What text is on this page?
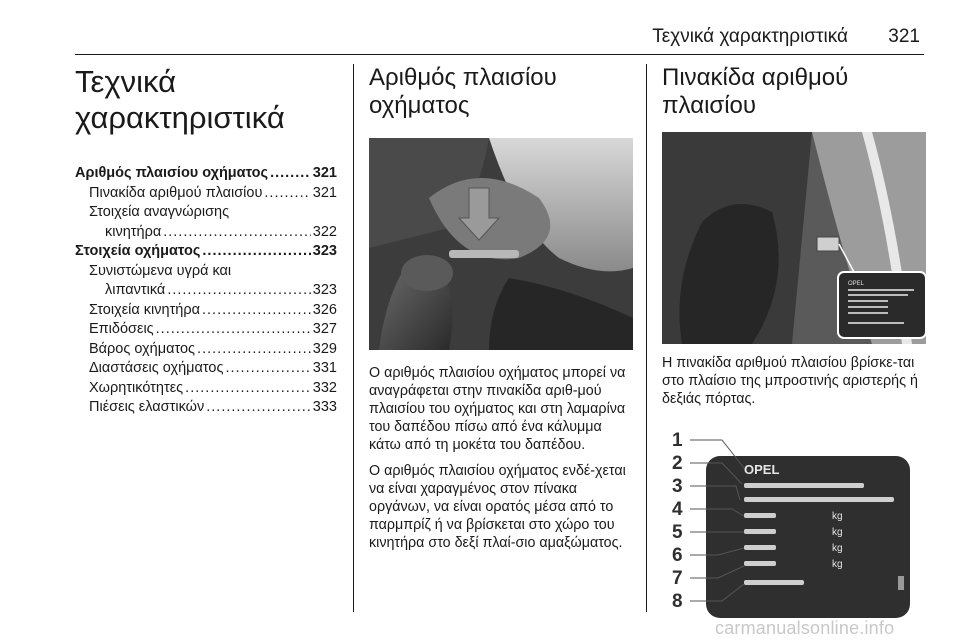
Τεχνικά χαρακτηριστικά 321
Τεχνικά
χαρακτηριστικά
Αριθμός πλαισίου οχήματος .....	321
Πινακίδα αριθμού πλαισίου .....	321
Στοιχεία αναγνώρισης
κινητήρα .....	322
Στοιχεία οχήματος .....	323
Συνιστώμενα υγρά και
λιπαντικά .....	323
Στοιχεία κινητήρα .....	326
Επιδόσεις .....	327
Βάρος οχήματος .....	329
Διαστάσεις οχήματος .....	331
Χωρητικότητες .....	332
Πιέσεις ελαστικών .....	333
Αριθμός πλαισίου
οχήματος

Ο αριθμός πλαισίου οχήματος μπορεί να αναγράφεται στην πινακίδα αριθ-μού πλαισίου του οχήματος και στη λαμαρίνα του δαπέδου πίσω από ένα κάλυμμα κάτω από τη μοκέτα του δαπέδου.

Ο αριθμός πλαισίου οχήματος ενδέ-χεται να είναι χαραγμένος στον πίνακα οργάνων, να είναι ορατός μέσα από το παρμπρίζ ή να βρίσκεται στο χώρο του κινητήρα στο δεξί πλαί-σιο αμαξώματος.

Πινακίδα αριθμού πλαισίου
OPEL

Η πινακίδα αριθμού πλαισίου βρίσκε-ται στο πλαίσιο της μπροστινής αριστερής ή δεξιάς πόρτας.

1
2
3
4
5
6
7
8
OPEL
kg
kg
kg
kg
carmanualsonline.info
